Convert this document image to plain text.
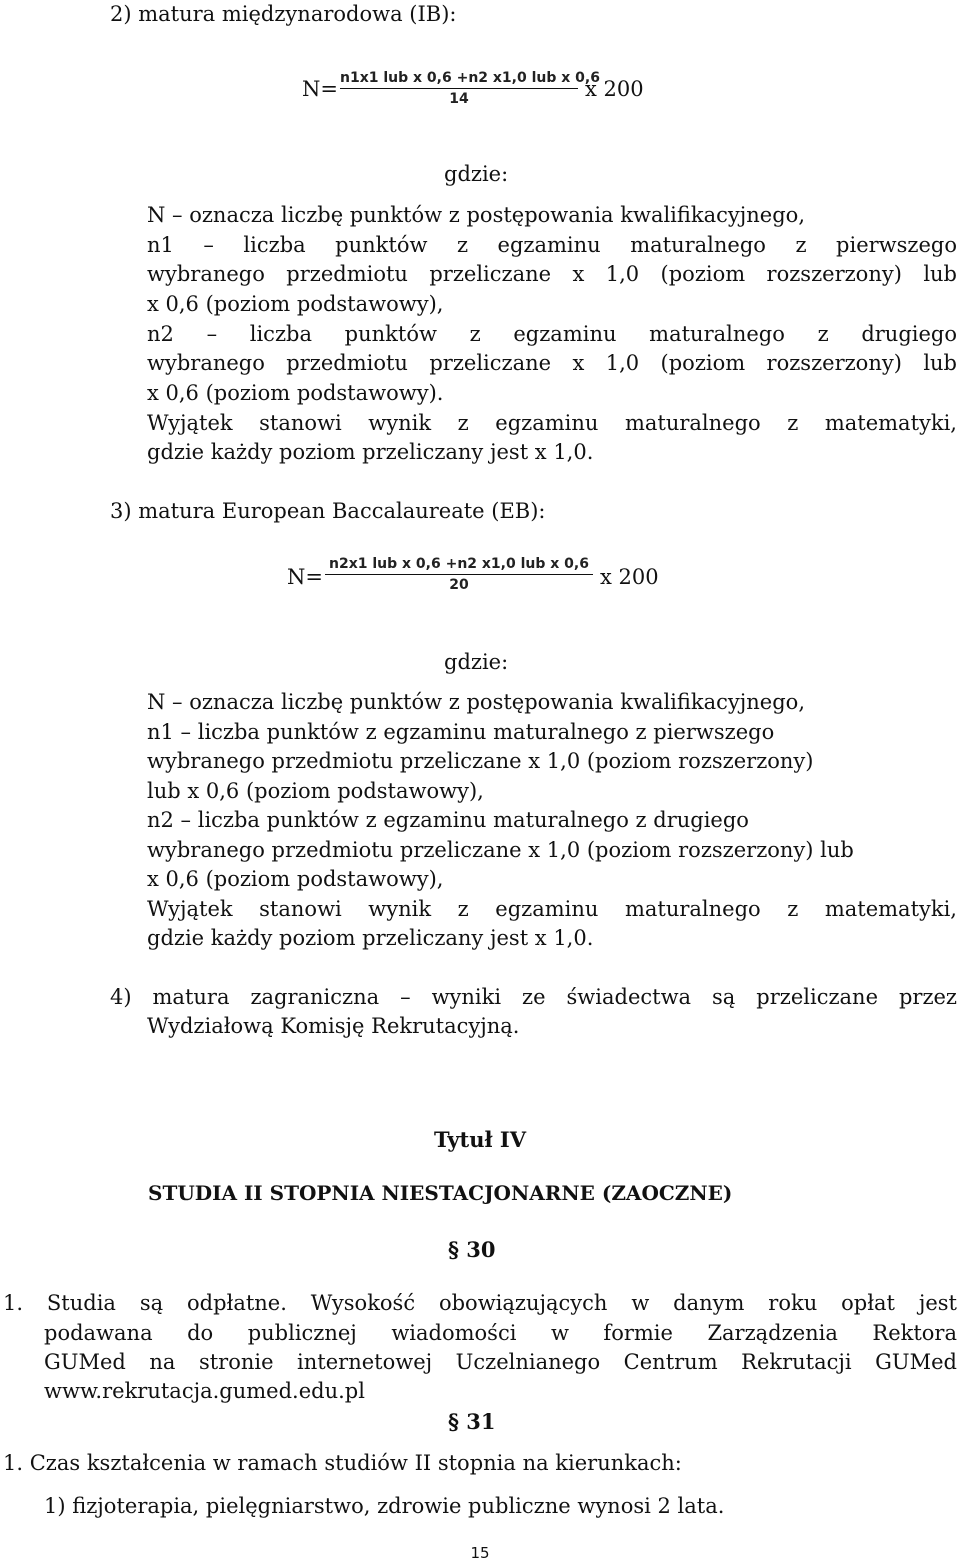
2) matura międzynarodowa (IB):
N= n1x1 lub x 0,6 +n2 x1,0 lub x 0,6
14	x 200
gdzie:
N – oznacza liczbę punktów z postępowania kwalifikacyjnego,
n1 – liczba punktów z egzaminu maturalnego z pierwszego
wybranego przedmiotu przeliczane x 1,0 (poziom rozszerzony) lub
x 0,6 (poziom podstawowy),
n2 – liczba punktów z egzaminu maturalnego z drugiego
wybranego przedmiotu przeliczane x 1,0 (poziom rozszerzony) lub
x 0,6 (poziom podstawowy).
Wyjątek stanowi wynik z egzaminu maturalnego z matematyki,
gdzie każdy poziom przeliczany jest x 1,0.
3) matura European Baccalaureate (EB):
N=
n2x1 lub x 0,6 +n2 x1,0 lub x 0,6
20	x 200
gdzie:
N – oznacza liczbę punktów z postępowania kwalifikacyjnego,
n1 – liczba punktów z egzaminu maturalnego z pierwszego
wybranego przedmiotu przeliczane x 1,0 (poziom rozszerzony)
lub x 0,6 (poziom podstawowy),
n2 – liczba punktów z egzaminu maturalnego z drugiego
wybranego przedmiotu przeliczane x 1,0 (poziom rozszerzony) lub
x 0,6 (poziom podstawowy),
Wyjątek stanowi wynik z egzaminu maturalnego z matematyki,
gdzie każdy poziom przeliczany jest x 1,0.
4) matura zagraniczna – wyniki ze świadectwa są przeliczane przez
Wydziałową Komisję Rekrutacyjną.
Tytuł IV
STUDIA II STOPNIA NIESTACJONARNE (ZAOCZNE)
§ 30
1. Studia są odpłatne. Wysokość obowiązujących w danym roku opłat jest
podawana do publicznej wiadomości w formie Zarządzenia Rektora
GUMed na stronie internetowej Uczelnianego Centrum Rekrutacji GUMed
www.rekrutacja.gumed.edu.pl
§ 31
1. Czas kształcenia w ramach studiów II stopnia na kierunkach:
1) fizjoterapia, pielęgniarstwo, zdrowie publiczne wynosi 2 lata.
15
